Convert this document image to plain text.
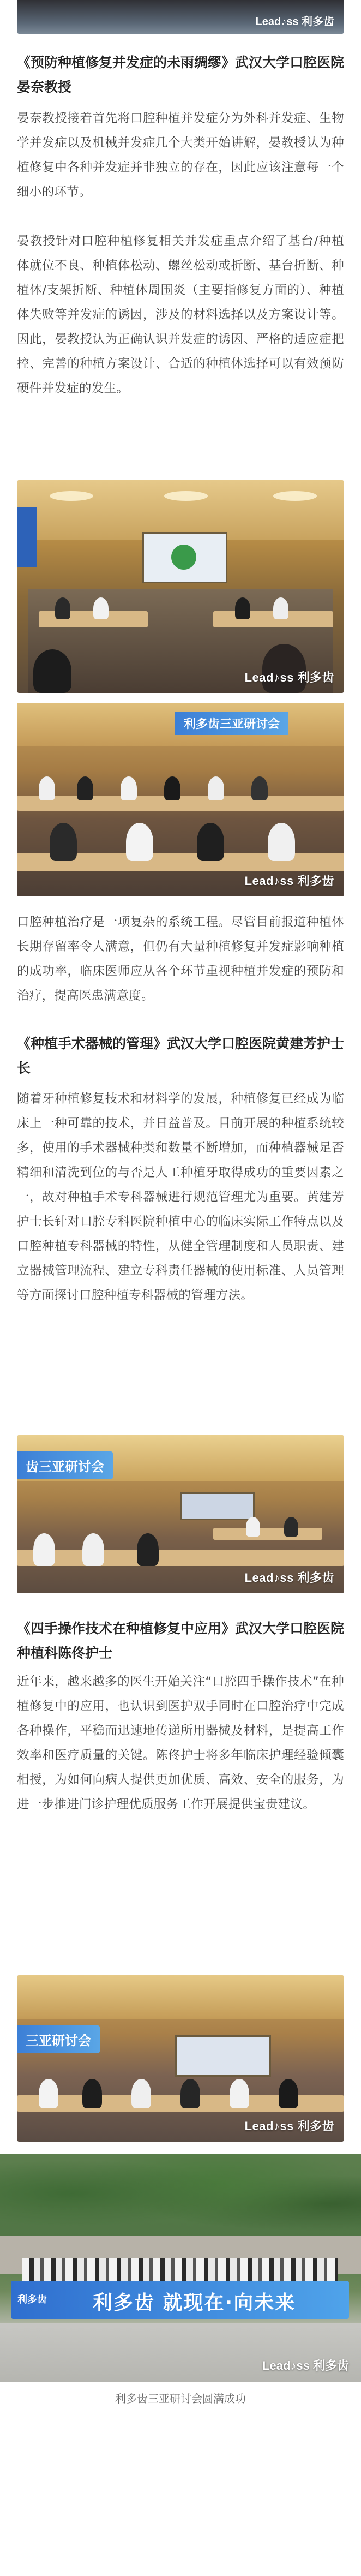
Lead♪ss 利多齿
《预防种植修复并发症的未雨绸缪》武汉大学口腔医院晏奈教授
晏奈教授接着首先将口腔种植并发症分为外科并发症、生物学并发症以及机械并发症几个大类开始讲解，晏教授认为种植修复中各种并发症并非独立的存在，因此应该注意每一个细小的环节。
晏教授针对口腔种植修复相关并发症重点介绍了基台/种植体就位不良、种植体松动、螺丝松动或折断、基台折断、种植体/支架折断、种植体周围炎（主要指修复方面的）、种植体失败等并发症的诱因，涉及的材料选择以及方案设计等。因此，晏教授认为正确认识并发症的诱因、严格的适应症把控、完善的种植方案设计、合适的种植体选择可以有效预防硬件并发症的发生。
Lead♪ss 利多齿
利多齿三亚研讨会
Lead♪ss 利多齿
口腔种植治疗是一项复杂的系统工程。尽管目前报道种植体长期存留率令人满意，但仍有大量种植修复并发症影响种植的成功率，临床医师应从各个环节重视种植并发症的预防和治疗，提高医患满意度。
《种植手术器械的管理》武汉大学口腔医院黄建芳护士长
随着牙种植修复技术和材料学的发展，种植修复已经成为临床上一种可靠的技术，并日益普及。目前开展的种植系统较多，使用的手术器械种类和数量不断增加，而种植器械足否精细和清洗到位的与否是人工种植牙取得成功的重要因素之一，故对种植手术专科器械进行规范管理尤为重要。黄建芳护士长针对口腔专科医院种植中心的临床实际工作特点以及口腔种植专科器械的特性，从健全管理制度和人员职责、建立器械管理流程、建立专科责任器械的使用标准、人员管理等方面探讨口腔种植专科器械的管理方法。
齿三亚研讨会
Lead♪ss 利多齿
《四手操作技术在种植修复中应用》武汉大学口腔医院种植科陈佟护士
近年来，越来越多的医生开始关注“口腔四手操作技术”在种植修复中的应用，也认识到医护双手同时在口腔治疗中完成各种操作，平稳而迅速地传递所用器械及材料，是提高工作效率和医疗质量的关键。陈佟护士将多年临床护理经验倾囊相授，为如何向病人提供更加优质、高效、安全的服务，为进一步推进门诊护理优质服务工作开展提供宝贵建议。
三亚研讨会
Lead♪ss 利多齿
利多齿 利多齿 就现在·向未来
Lead♪ss 利多齿
利多齿三亚研讨会圆满成功
